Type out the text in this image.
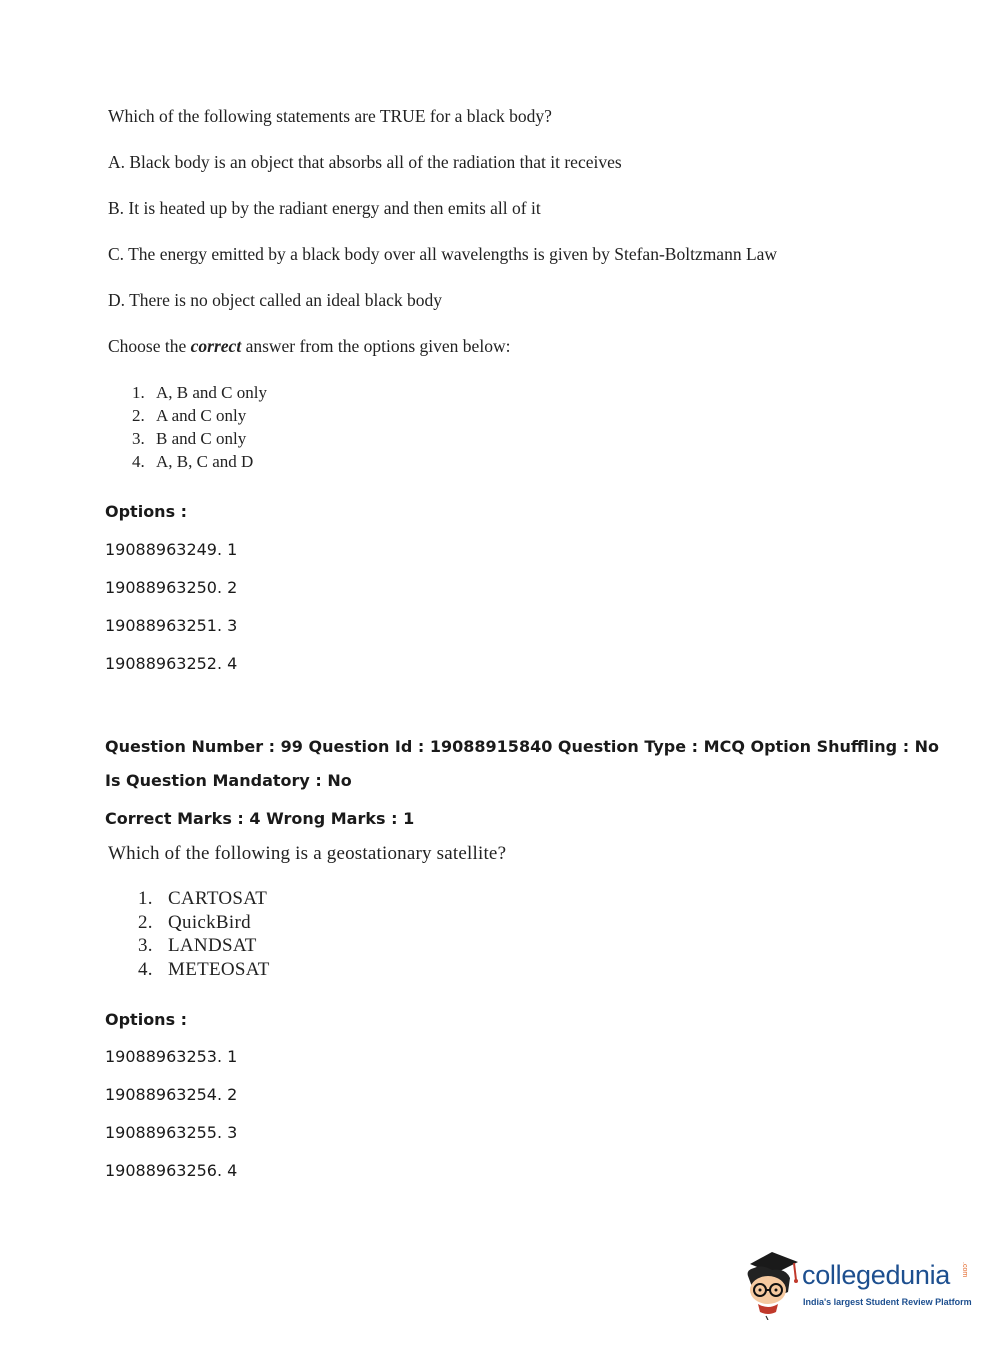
Which of the following statements are TRUE for a black body?
A. Black body is an object that absorbs all of the radiation that it receives
B. It is heated up by the radiant energy and then emits all of it
C. The energy emitted by a black body over all wavelengths is given by Stefan-Boltzmann Law
D. There is no object called an ideal black body
Choose the correct answer from the options given below:
1. A, B and C only
2. A and C only
3. B and C only
4. A, B, C and D
Options :
19088963249. 1
19088963250. 2
19088963251. 3
19088963252. 4
Question Number : 99 Question Id : 19088915840 Question Type : MCQ Option Shuffling : No
Is Question Mandatory : No
Correct Marks : 4 Wrong Marks : 1
Which of the following is a geostationary satellite?
1. CARTOSAT
2. QuickBird
3. LANDSAT
4. METEOSAT
Options :
19088963253. 1
19088963254. 2
19088963255. 3
19088963256. 4
collegedunia .com
India's largest Student Review Platform
